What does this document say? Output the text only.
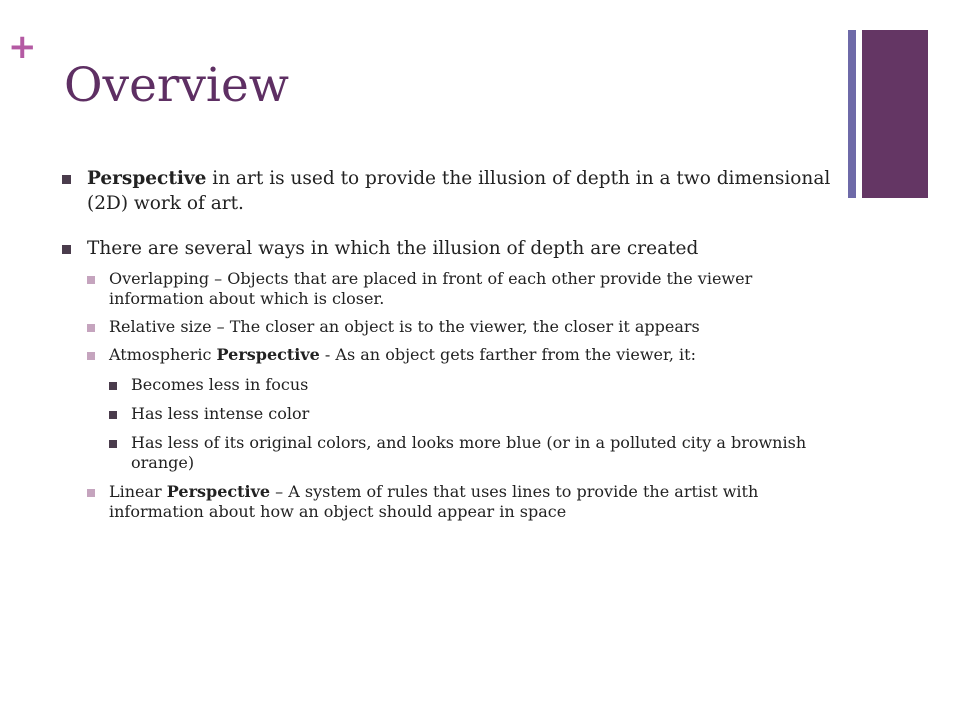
+
Overview
Perspective in art is used to provide the illusion of depth in a two dimensional (2D) work of art.
There are several ways in which the illusion of depth are created
Overlapping – Objects that are placed in front of each other provide the viewer information about which is closer.
Relative size – The closer an object is to the viewer, the closer it appears
Atmospheric Perspective - As an object gets farther from the viewer, it:
Becomes less in focus
Has less intense color
Has less of its original colors, and looks more blue (or in a polluted city a brownish orange)
Linear Perspective – A system of rules that uses lines to provide the artist with information about how an object should appear in space
